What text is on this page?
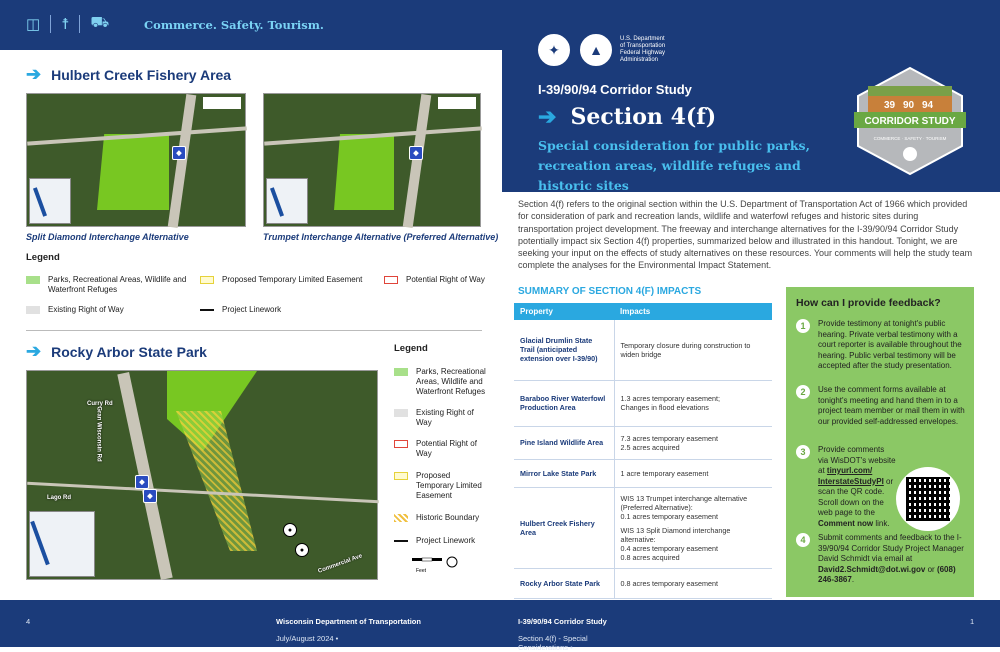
◫ ☨ ⛟	Commerce. Safety. Tourism.
✦	▲
U.S. Department
of Transportation
Federal Highway
Administration
I-39/90/94 Corridor Study
➔ Section 4(f)
Special consideration for public parks, recreation areas, wildlife refuges and historic sites
39 90 94
CORRIDOR STUDY
COMMERCE · SAFETY · TOURISM
➔ Hulbert Creek Fishery Area
◆	◆
Split Diamond Interchange Alternative	Trumpet Interchange Alternative (Preferred Alternative)
Legend
Parks, Recreational Areas, Wildlife and Waterfront Refuges
Proposed Temporary Limited Easement	Potential Right of Way
Existing Right of Way	Project Linework
➔ Rocky Arbor State Park
◆
◆
●
●
Curry Rd
Gran Wisconsin Rd
Lago Rd
Commercial Ave
Legend
Parks, Recreational Areas, Wildlife and Waterfront Refuges
Existing Right of Way
Potential Right of Way
Proposed Temporary Limited Easement
Historic Boundary
Project Linework
Feet
Section 4(f) refers to the original section within the U.S. Department of Transportation Act of 1966 which provided for consideration of park and recreation lands, wildlife and waterfowl refuges and historic sites during transportation project development. The freeway and interchange alternatives for the I-39/90/94 Corridor Study potentially impact six Section 4(f) properties, summarized below and illustrated in this handout. Tonight, we are seeking your input on the effects of study alternatives on these resources. Your comments will help the study team complete the analyses for the Environmental Impact Statement.
SUMMARY OF SECTION 4(F) IMPACTS
Property	Impacts
Glacial Drumlin State Trail (anticipated extension over I-39/90)	Temporary closure during construction to widen bridge

Baraboo River Waterfowl Production Area	1.3 acres temporary easement;
Changes in flood elevations

Pine Island Wildlife Area	7.3 acres temporary easement
2.5 acres acquired

Mirror Lake State Park	1 acre temporary easement

Hulbert Creek Fishery Area	WIS 13 Trumpet interchange alternative (Preferred Alternative):
0.1 acres temporary easement
WIS 13 Split Diamond interchange alternative:
0.4 acres temporary easement
0.8 acres acquired

Rocky Arbor State Park	0.8 acres temporary easement
How can I provide feedback?
1	Provide testimony at tonight's public hearing. Private verbal testimony with a court reporter is available throughout the hearing. Public verbal testimony will be accepted after the study presentation.
2	Use the comment forms available at tonight's meeting and hand them in to a project team member or mail them in with our provided self-addressed envelopes.
3	Provide comments via WisDOT's website at tinyurl.com/ InterstateStudyPI or scan the QR code. Scroll down on the web page to the Comment now link.
4	Submit comments and feedback to the I-39/90/94 Corridor Study Project Manager David Schmidt via email at David2.Schmidt@dot.wi.gov or (608) 246-3867.
4
July/August 2024 •
Wisconsin Department of Transportation
Section 4(f) - Special Considerations •
I-39/90/94 Corridor Study	1
